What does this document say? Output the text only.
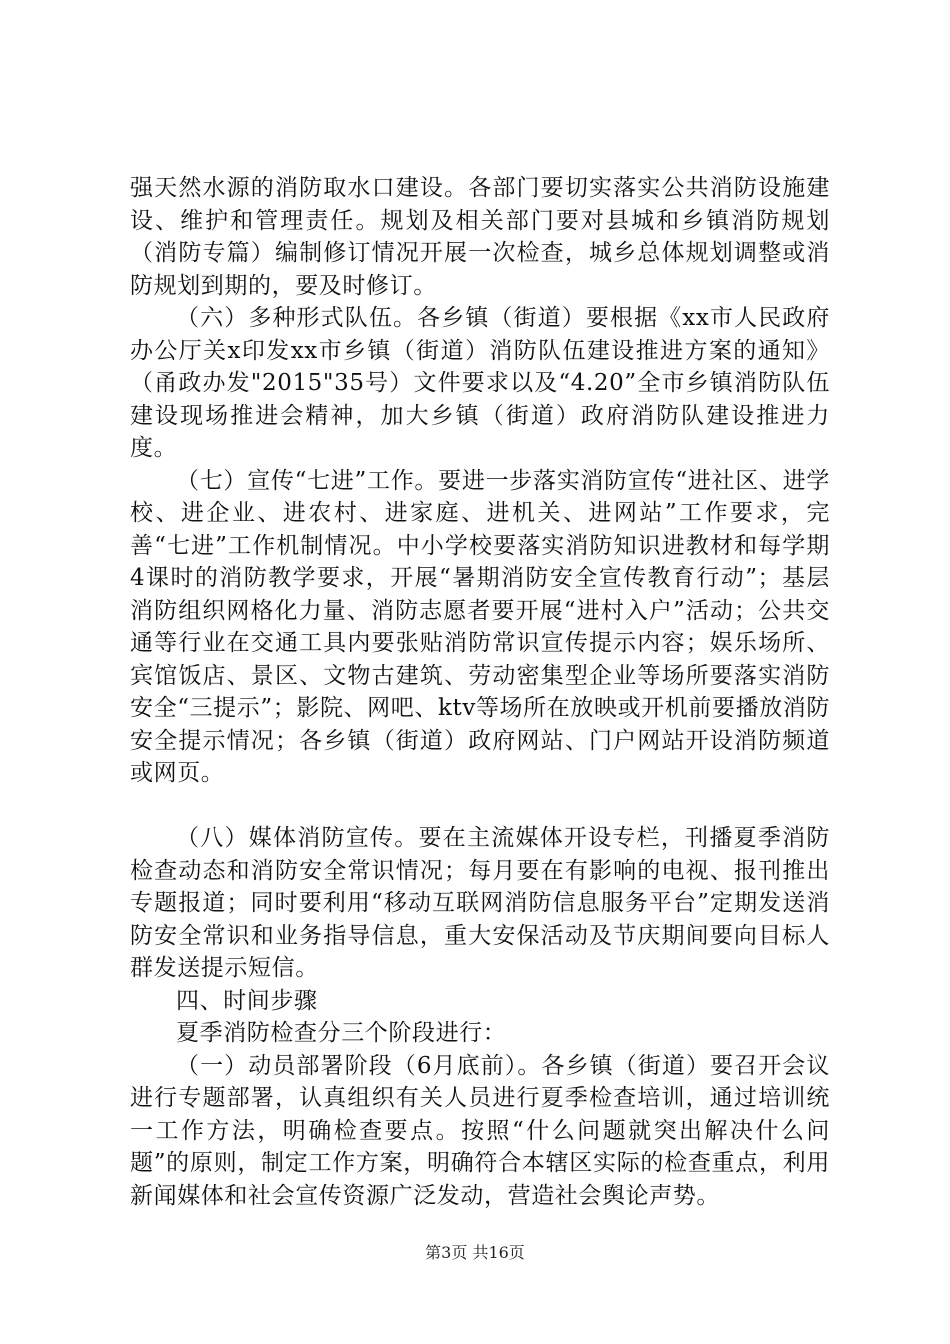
强天然水源的消防取水口建设。各部门要切实落实公共消防设施建设、维护和管理责任。规划及相关部门要对县城和乡镇消防规划（消防专篇）编制修订情况开展一次检查，城乡总体规划调整或消防规划到期的，要及时修订。

（六）多种形式队伍。各乡镇（街道）要根据《xx市人民政府办公厅关x印发xx市乡镇（街道）消防队伍建设推进方案的通知》（甬政办发"2015"35号）文件要求以及“4.20”全市乡镇消防队伍建设现场推进会精神，加大乡镇（街道）政府消防队建设推进力度。

（七）宣传“七进”工作。要进一步落实消防宣传“进社区、进学校、进企业、进农村、进家庭、进机关、进网站”工作要求，完善“七进”工作机制情况。中小学校要落实消防知识进教材和每学期4课时的消防教学要求，开展“暑期消防安全宣传教育行动”；基层消防组织网格化力量、消防志愿者要开展“进村入户”活动；公共交通等行业在交通工具内要张贴消防常识宣传提示内容；娱乐场所、宾馆饭店、景区、文物古建筑、劳动密集型企业等场所要落实消防安全“三提示”；影院、网吧、ktv等场所在放映或开机前要播放消防安全提示情况；各乡镇（街道）政府网站、门户网站开设消防频道或网页。

（八）媒体消防宣传。要在主流媒体开设专栏，刊播夏季消防检查动态和消防安全常识情况；每月要在有影响的电视、报刊推出专题报道；同时要利用“移动互联网消防信息服务平台”定期发送消防安全常识和业务指导信息，重大安保活动及节庆期间要向目标人群发送提示短信。

四、时间步骤

夏季消防检查分三个阶段进行：

（一）动员部署阶段（6月底前）。各乡镇（街道）要召开会议进行专题部署，认真组织有关人员进行夏季检查培训，通过培训统一工作方法，明确检查要点。按照“什么问题就突出解决什么问题”的原则，制定工作方案，明确符合本辖区实际的检查重点，利用新闻媒体和社会宣传资源广泛发动，营造社会舆论声势。

第3页 共16页
